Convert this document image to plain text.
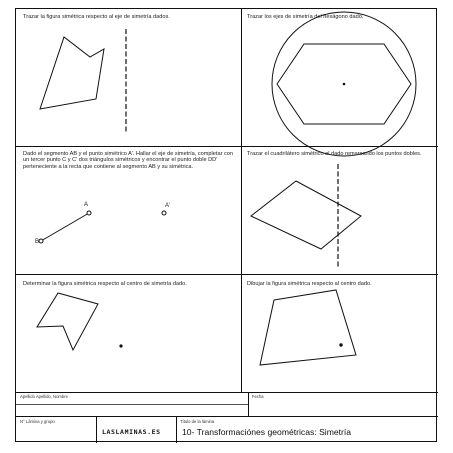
Trazar la figura simétrica respecto al eje de simetría dados.	Trazar los ejes de simetría del hexágono dado.
Dado el segmento AB y el punto simétrico A'. Hallar el eje de simetría, completar con un tercer punto C y C' dos triángulos simétricos y encontrar el punto doble DD' perteneciente a la recta que contiene al segmento AB y su simétrica.
A
B
A'
Trazar el cuadrilátero simétrico al dado remarcando los puntos dobles.
Determinar la figura simétrica respecto al centro de simetría dado.	Dibujar la figura simétrica respecto al centro dado.
Apellido Apellido, Nombre	Fecha
N° Lámina y grupo	Título de la lámina
LASLAMINAS.ES 10- Transformaciónes geométricas: Simetría
